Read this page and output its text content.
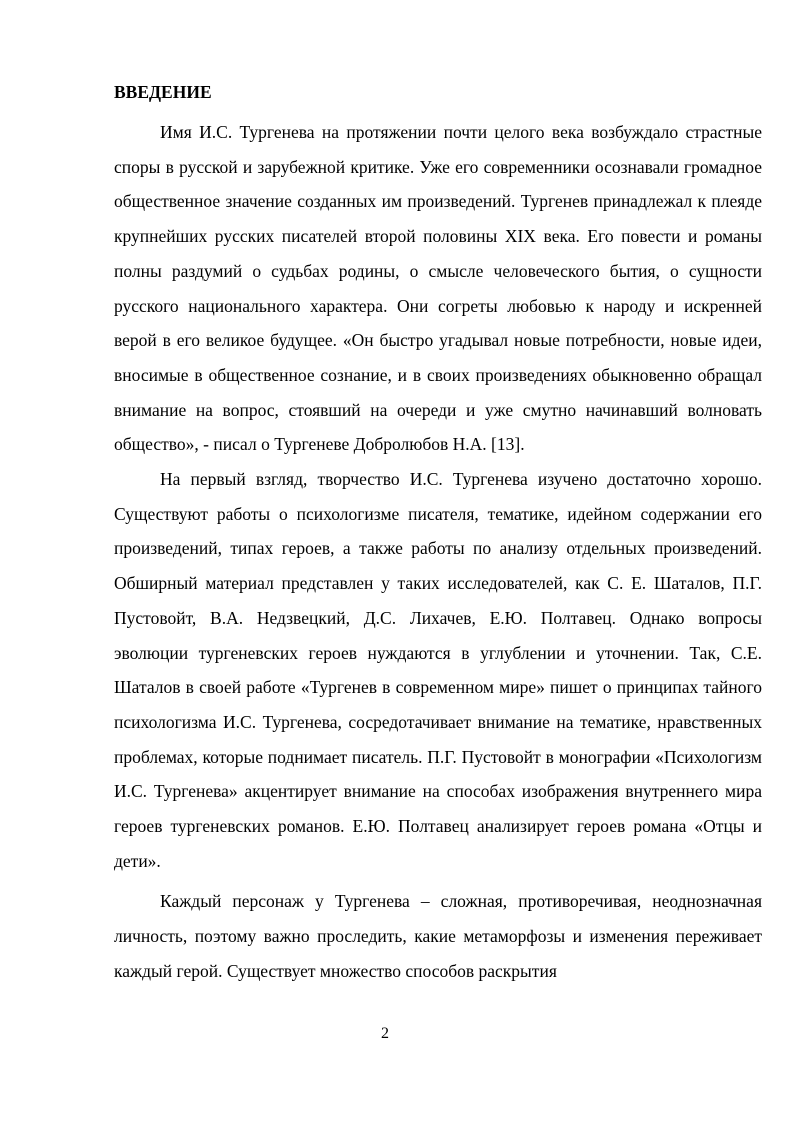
ВВЕДЕНИЕ

Имя И.С. Тургенева на протяжении почти целого века возбуждало страстные споры в русской и зарубежной критике. Уже его современники осознавали громадное общественное значение созданных им произведений. Тургенев принадлежал к плеяде крупнейших русских писателей второй половины XIX века. Его повести и романы полны раздумий о судьбах родины, о смысле человеческого бытия, о сущности русского национального характера. Они согреты любовью к народу и искренней верой в его великое будущее. «Он быстро угадывал новые потребности, новые идеи, вносимые в общественное сознание, и в своих произведениях обыкновенно обращал внимание на вопрос, стоявший на очереди и уже смутно начинавший волновать общество», - писал о Тургеневе Добролюбов Н.А. [13].

На первый взгляд, творчество И.С. Тургенева изучено достаточно хорошо. Существуют работы о психологизме писателя, тематике, идейном содержании его произведений, типах героев, а также работы по анализу отдельных произведений. Обширный материал представлен у таких исследователей, как С. Е. Шаталов, П.Г. Пустовойт, В.А. Недзвецкий, Д.С. Лихачев, Е.Ю. Полтавец. Однако вопросы эволюции тургеневских героев нуждаются в углублении и уточнении. Так, С.Е. Шаталов в своей работе «Тургенев в современном мире» пишет о принципах тайного психологизма И.С. Тургенева, сосредотачивает внимание на тематике, нравственных проблемах, которые поднимает писатель. П.Г. Пустовойт в монографии «Психологизм И.С. Тургенева» акцентирует внимание на способах изображения внутреннего мира героев тургеневских романов. Е.Ю. Полтавец анализирует героев романа «Отцы и дети».

Каждый персонаж у Тургенева – сложная, противоречивая, неоднозначная личность, поэтому важно проследить, какие метаморфозы и изменения переживает каждый герой. Существует множество способов раскрытия

2
